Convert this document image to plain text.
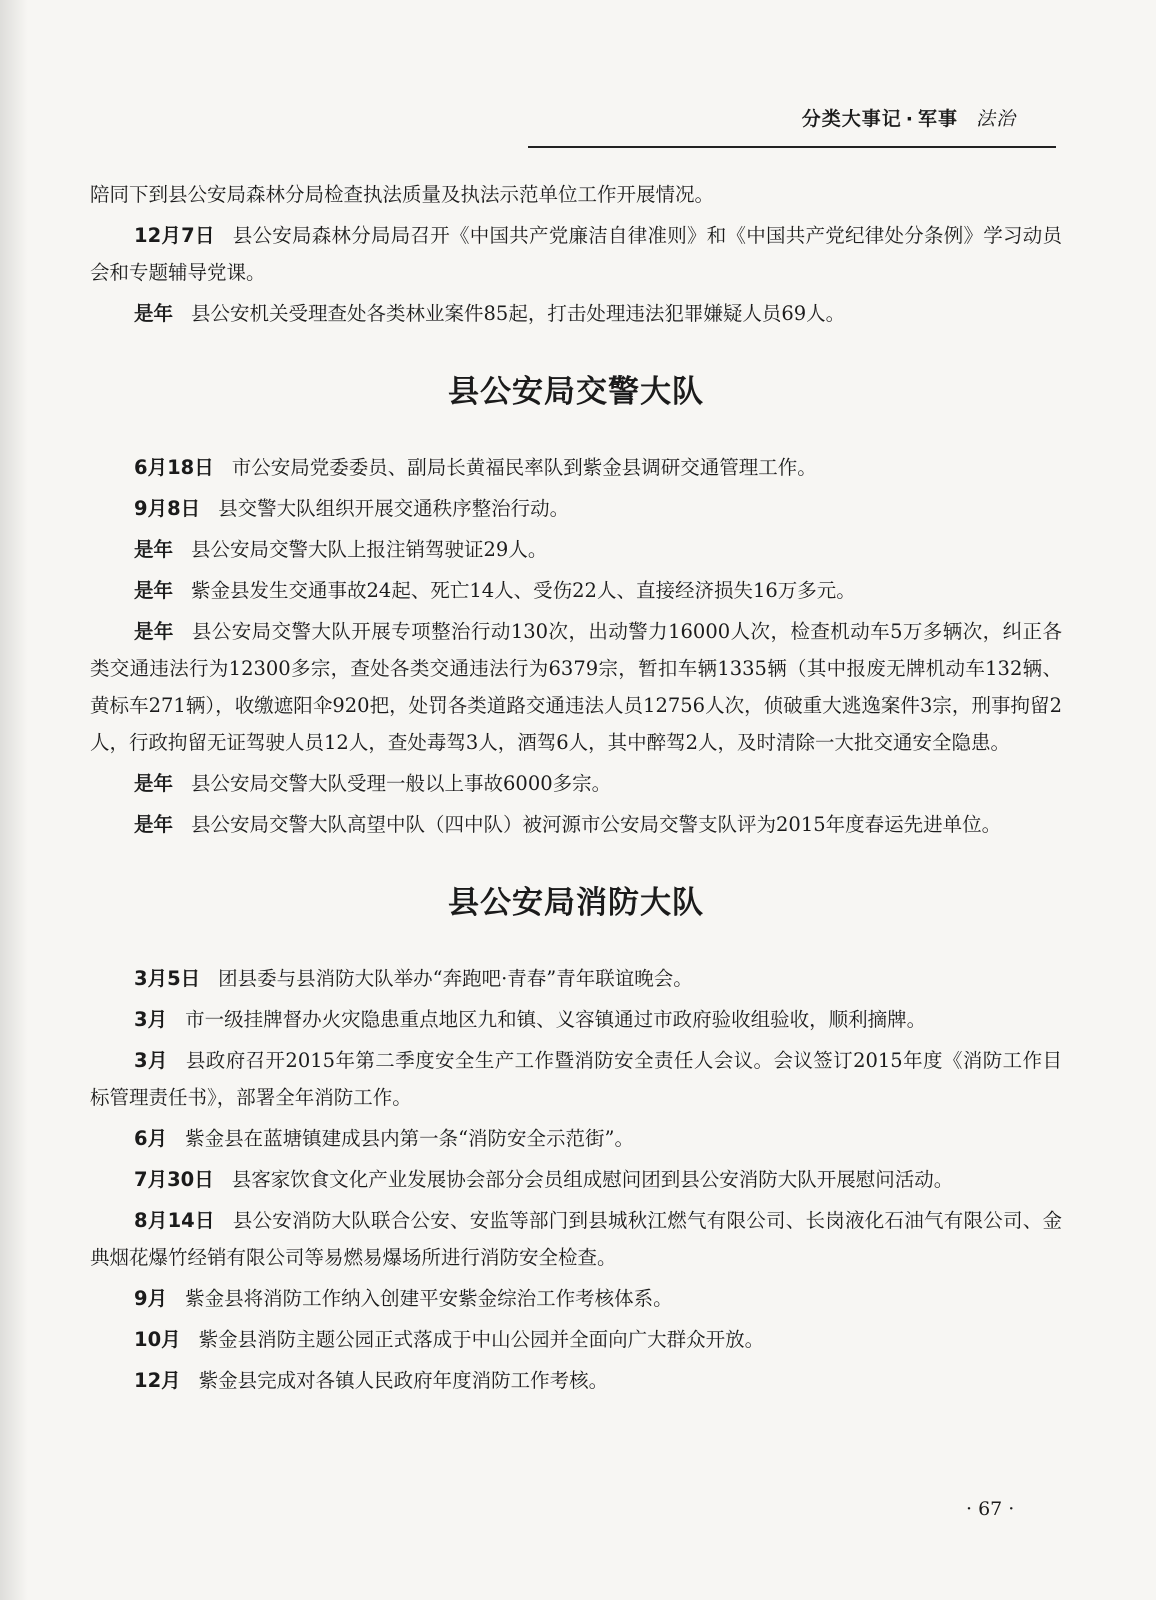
分类大事记 · 军事 法治

陪同下到县公安局森林分局检查执法质量及执法示范单位工作开展情况。

12月7日 县公安局森林分局局召开《中国共产党廉洁自律准则》和《中国共产党纪律处分条例》学习动员会和专题辅导党课。

是年 县公安机关受理查处各类林业案件85起，打击处理违法犯罪嫌疑人员69人。

县公安局交警大队

6月18日 市公安局党委委员、副局长黄福民率队到紫金县调研交通管理工作。

9月8日 县交警大队组织开展交通秩序整治行动。

是年 县公安局交警大队上报注销驾驶证29人。

是年 紫金县发生交通事故24起、死亡14人、受伤22人、直接经济损失16万多元。

是年 县公安局交警大队开展专项整治行动130次，出动警力16000人次，检查机动车5万多辆次，纠正各类交通违法行为12300多宗，查处各类交通违法行为6379宗，暂扣车辆1335辆（其中报废无牌机动车132辆、黄标车271辆），收缴遮阳伞920把，处罚各类道路交通违法人员12756人次，侦破重大逃逸案件3宗，刑事拘留2人，行政拘留无证驾驶人员12人，查处毒驾3人，酒驾6人，其中醉驾2人，及时清除一大批交通安全隐患。

是年 县公安局交警大队受理一般以上事故6000多宗。

是年 县公安局交警大队高望中队（四中队）被河源市公安局交警支队评为2015年度春运先进单位。

县公安局消防大队

3月5日 团县委与县消防大队举办“奔跑吧·青春”青年联谊晚会。

3月 市一级挂牌督办火灾隐患重点地区九和镇、义容镇通过市政府验收组验收，顺利摘牌。

3月 县政府召开2015年第二季度安全生产工作暨消防安全责任人会议。会议签订2015年度《消防工作目标管理责任书》，部署全年消防工作。

6月 紫金县在蓝塘镇建成县内第一条“消防安全示范街”。

7月30日 县客家饮食文化产业发展协会部分会员组成慰问团到县公安消防大队开展慰问活动。

8月14日 县公安消防大队联合公安、安监等部门到县城秋江燃气有限公司、长岗液化石油气有限公司、金典烟花爆竹经销有限公司等易燃易爆场所进行消防安全检查。

9月 紫金县将消防工作纳入创建平安紫金综治工作考核体系。

10月 紫金县消防主题公园正式落成于中山公园并全面向广大群众开放。

12月 紫金县完成对各镇人民政府年度消防工作考核。

· 67 ·
